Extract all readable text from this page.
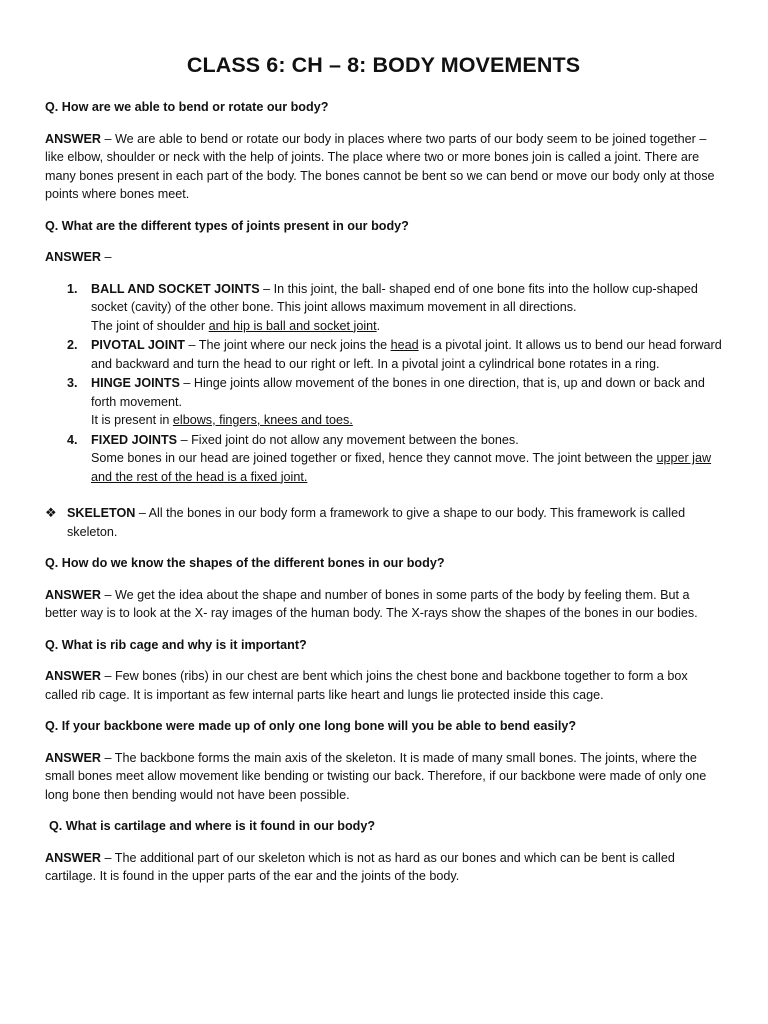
CLASS 6: CH – 8: BODY MOVEMENTS
Q. How are we able to bend or rotate our body?
ANSWER – We are able to bend or rotate our body in places where two parts of our body seem to be joined together – like elbow, shoulder or neck with the help of joints. The place where two or more bones join is called a joint. There are many bones present in each part of the body. The bones cannot be bent so we can bend or move our body only at those points where bones meet.
Q. What are the different types of joints present in our body?
ANSWER –
1. BALL AND SOCKET JOINTS – In this joint, the ball- shaped end of one bone fits into the hollow cup-shaped socket (cavity) of the other bone. This joint allows maximum movement in all directions.
The joint of shoulder and hip is ball and socket joint.
2. PIVOTAL JOINT – The joint where our neck joins the head is a pivotal joint. It allows us to bend our head forward and backward and turn the head to our right or left. In a pivotal joint a cylindrical bone rotates in a ring.
3. HINGE JOINTS – Hinge joints allow movement of the bones in one direction, that is, up and down or back and forth movement.
It is present in elbows, fingers, knees and toes.
4. FIXED JOINTS – Fixed joint do not allow any movement between the bones.
Some bones in our head are joined together or fixed, hence they cannot move. The joint between the upper jaw and the rest of the head is a fixed joint.
❖ SKELETON – All the bones in our body form a framework to give a shape to our body. This framework is called skeleton.
Q. How do we know the shapes of the different bones in our body?
ANSWER – We get the idea about the shape and number of bones in some parts of the body by feeling them. But a better way is to look at the X- ray images of the human body. The X-rays show the shapes of the bones in our bodies.
Q. What is rib cage and why is it important?
ANSWER – Few bones (ribs) in our chest are bent which joins the chest bone and backbone together to form a box called rib cage. It is important as few internal parts like heart and lungs lie protected inside this cage.
Q. If your backbone were made up of only one long bone will you be able to bend easily?
ANSWER – The backbone forms the main axis of the skeleton. It is made of many small bones. The joints, where the small bones meet allow movement like bending or twisting our back. Therefore, if our backbone were made of only one long bone then bending would not have been possible.
Q. What is cartilage and where is it found in our body?
ANSWER – The additional part of our skeleton which is not as hard as our bones and which can be bent is called cartilage. It is found in the upper parts of the ear and the joints of the body.
